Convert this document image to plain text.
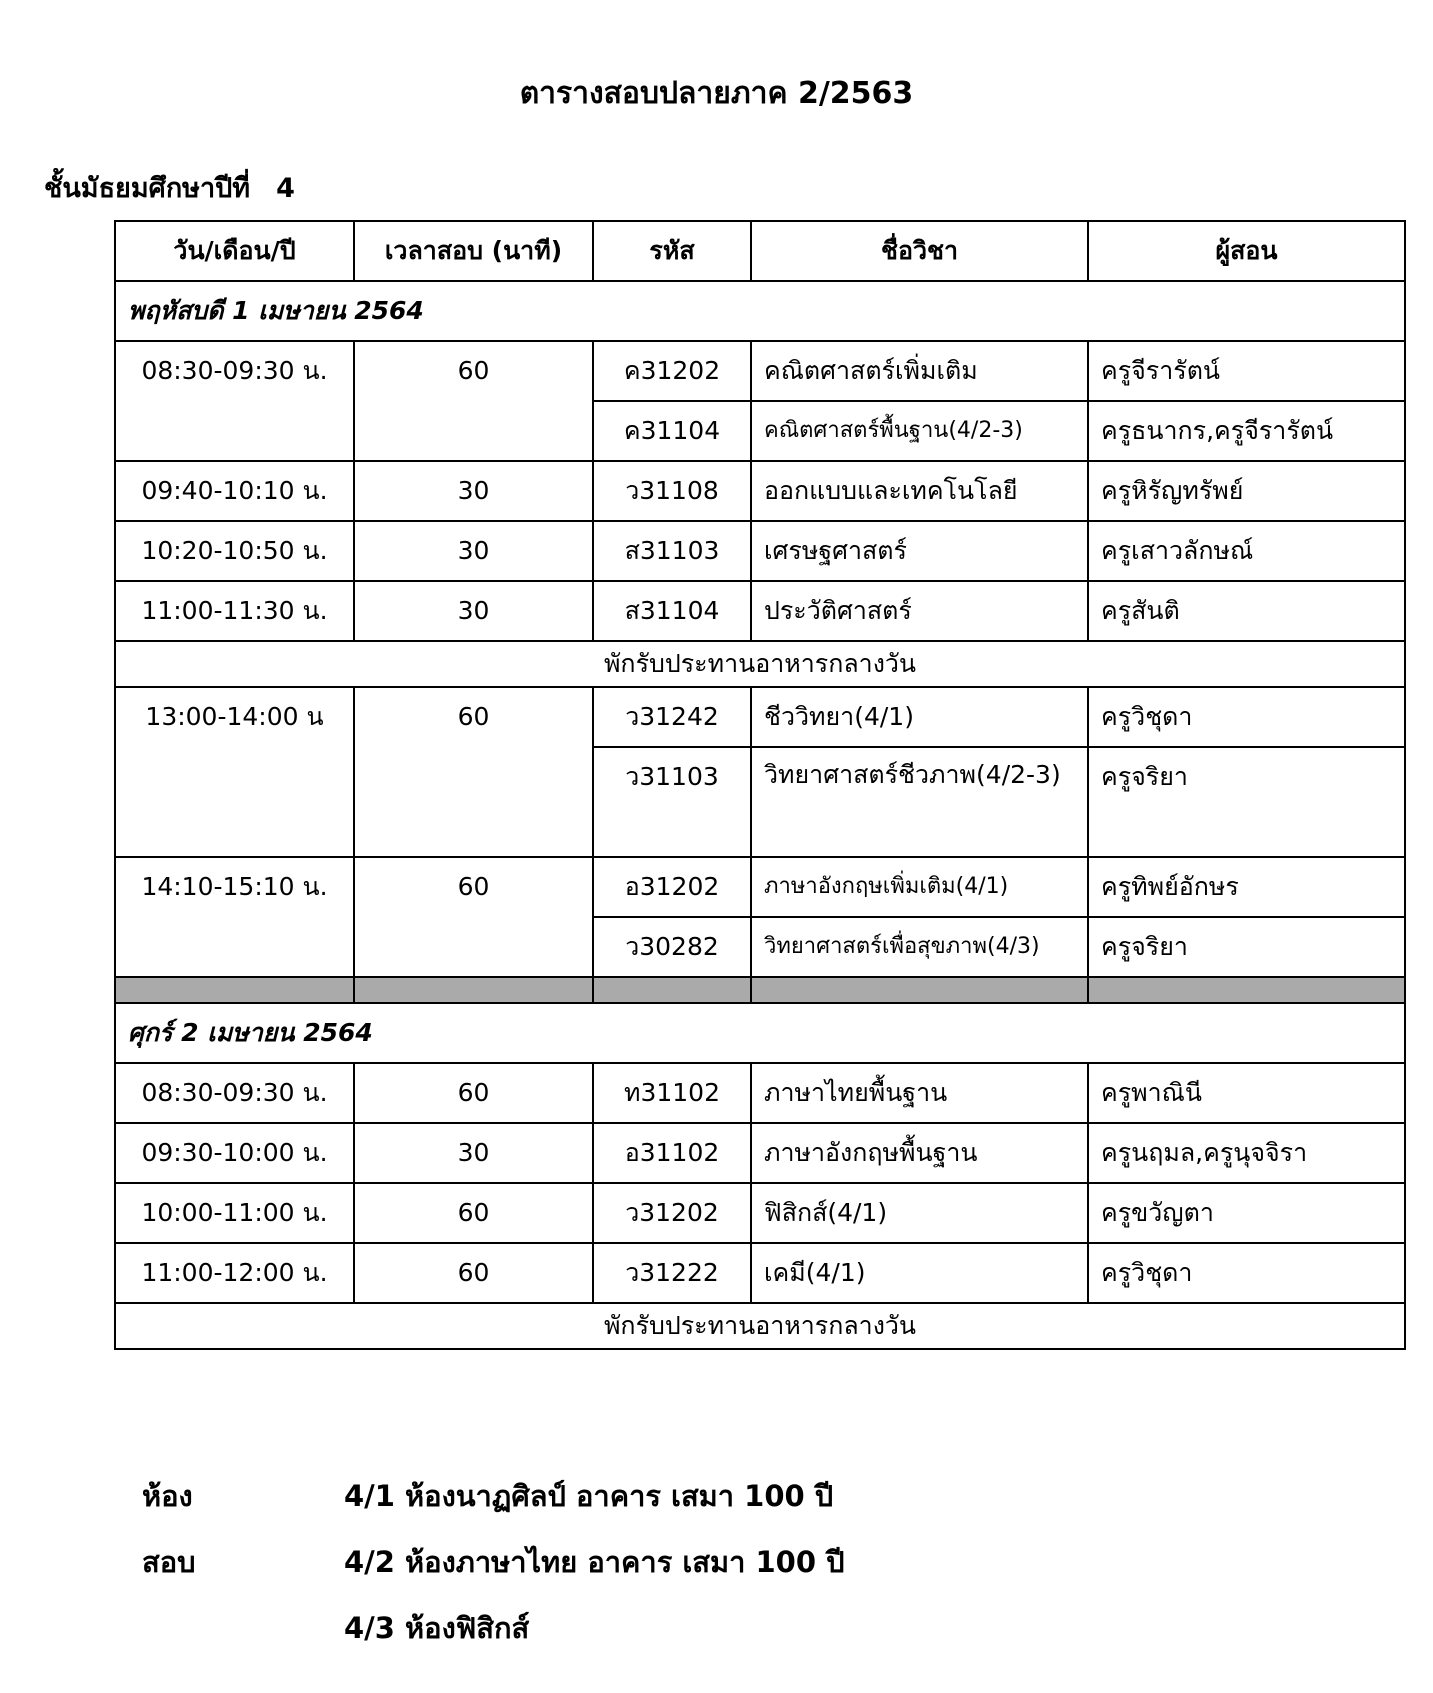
ตารางสอบปลายภาค 2/2563
ชั้นมัธยมศึกษาปีที่ 4
วัน/เดือน/ปี	เวลาสอบ (นาที)	รหัส	ชื่อวิชา	ผู้สอน
พฤหัสบดี 1 เมษายน 2564				
08:30-09:30 น.	60	ค31202	คณิตศาสตร์เพิ่มเติม	ครูจีรารัตน์
		ค31104	คณิตศาสตร์พื้นฐาน(4/2-3)	ครูธนากร,ครูจีรารัตน์
09:40-10:10 น.	30	ว31108	ออกแบบและเทคโนโลยี	ครูหิรัญทรัพย์
10:20-10:50 น.	30	ส31103	เศรษฐศาสตร์	ครูเสาวลักษณ์
11:00-11:30 น.	30	ส31104	ประวัติศาสตร์	ครูสันติ
พักรับประทานอาหารกลางวัน				
13:00-14:00 น	60	ว31242	ชีววิทยา(4/1)	ครูวิชุดา
		ว31103	วิทยาศาสตร์ชีวภาพ(4/2-3)	ครูจริยา
14:10-15:10 น.	60	อ31202	ภาษาอังกฤษเพิ่มเติม(4/1)	ครูทิพย์อักษร
		ว30282	วิทยาศาสตร์เพื่อสุขภาพ(4/3)	ครูจริยา

ศุกร์ 2 เมษายน 2564				
08:30-09:30 น.	60	ท31102	ภาษาไทยพื้นฐาน	ครูพาณินี
09:30-10:00 น.	30	อ31102	ภาษาอังกฤษพื้นฐาน	ครูนฤมล,ครูนุจจิรา
10:00-11:00 น.	60	ว31202	ฟิสิกส์(4/1)	ครูขวัญตา
11:00-12:00 น.	60	ว31222	เคมี(4/1)	ครูวิชุดา
พักรับประทานอาหารกลางวัน				
ห้องสอบ
4/1 ห้องนาฏศิลป์ อาคาร เสมา 100 ปี
4/2 ห้องภาษาไทย อาคาร เสมา 100 ปี
4/3 ห้องฟิสิกส์
